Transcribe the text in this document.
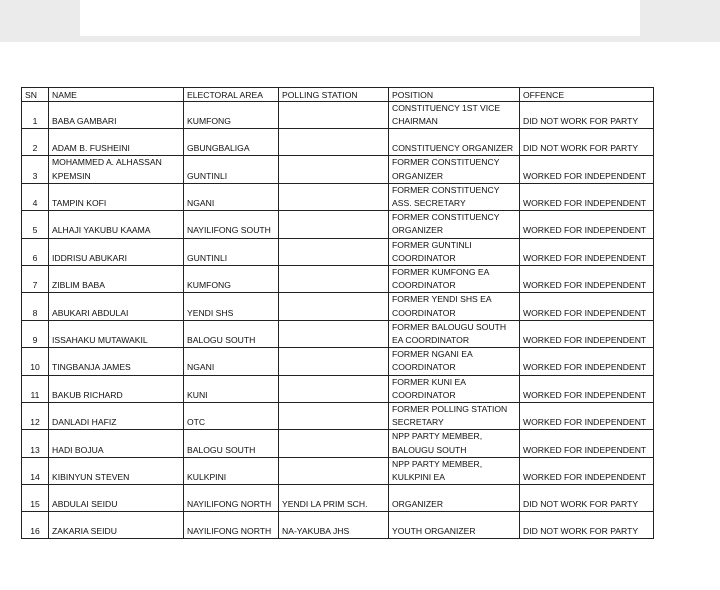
SN	NAME	ELECTORAL AREA	POLLING STATION	POSITION	OFFENCE
1	BABA GAMBARI	KUMFONG		CONSTITUENCY 1ST VICE CHAIRMAN	DID NOT WORK FOR PARTY
2	ADAM B. FUSHEINI	GBUNGBALIGA		CONSTITUENCY ORGANIZER	DID NOT WORK FOR PARTY
3	MOHAMMED A. ALHASSAN KPEMSIN	GUNTINLI		FORMER CONSTITUENCY ORGANIZER	WORKED FOR INDEPENDENT
4	TAMPIN KOFI	NGANI		FORMER CONSTITUENCY ASS. SECRETARY	WORKED FOR INDEPENDENT
5	ALHAJI YAKUBU KAAMA	NAYILIFONG SOUTH		FORMER CONSTITUENCY ORGANIZER	WORKED FOR INDEPENDENT
6	IDDRISU ABUKARI	GUNTINLI		FORMER GUNTINLI COORDINATOR	WORKED FOR INDEPENDENT
7	ZIBLIM BABA	KUMFONG		FORMER KUMFONG EA COORDINATOR	WORKED FOR INDEPENDENT
8	ABUKARI ABDULAI	YENDI SHS		FORMER YENDI SHS EA COORDINATOR	WORKED FOR INDEPENDENT
9	ISSAHAKU MUTAWAKIL	BALOGU SOUTH		FORMER BALOUGU SOUTH EA COORDINATOR	WORKED FOR INDEPENDENT
10	TINGBANJA JAMES	NGANI		FORMER NGANI EA COORDINATOR	WORKED FOR INDEPENDENT
11	BAKUB RICHARD	KUNI		FORMER KUNI EA COORDINATOR	WORKED FOR INDEPENDENT
12	DANLADI HAFIZ	OTC		FORMER POLLING STATION SECRETARY	WORKED FOR INDEPENDENT
13	HADI BOJUA	BALOGU SOUTH		NPP PARTY MEMBER, BALOUGU SOUTH	WORKED FOR INDEPENDENT
14	KIBINYUN STEVEN	KULKPINI		NPP PARTY MEMBER, KULKPINI EA	WORKED FOR INDEPENDENT
15	ABDULAI SEIDU	NAYILIFONG NORTH	YENDI LA PRIM SCH.	ORGANIZER	DID NOT WORK FOR PARTY
16	ZAKARIA SEIDU	NAYILIFONG NORTH	NA-YAKUBA JHS	YOUTH ORGANIZER	DID NOT WORK FOR PARTY
